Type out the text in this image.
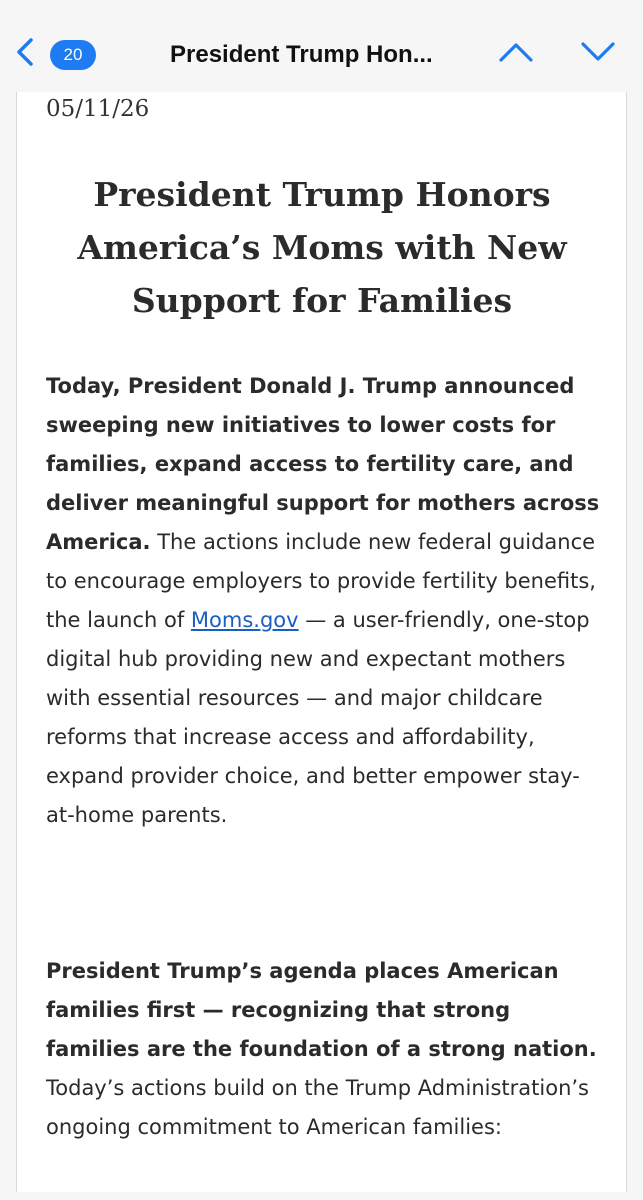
20	President Trump Hon...

05/11/26

President Trump Honors America’s Moms with New Support for Families

Today, President Donald J. Trump announced sweeping new initiatives to lower costs for families, expand access to fertility care, and deliver meaningful support for mothers across America. The actions include new federal guidance to encourage employers to provide fertility benefits, the launch of Moms.gov — a user-friendly, one-stop digital hub providing new and expectant mothers with essential resources — and major childcare reforms that increase access and affordability, expand provider choice, and better empower stay-at-home parents.

President Trump’s agenda places American families first — recognizing that strong families are the foundation of a strong nation. Today’s actions build on the Trump Administration’s ongoing commitment to American families:
